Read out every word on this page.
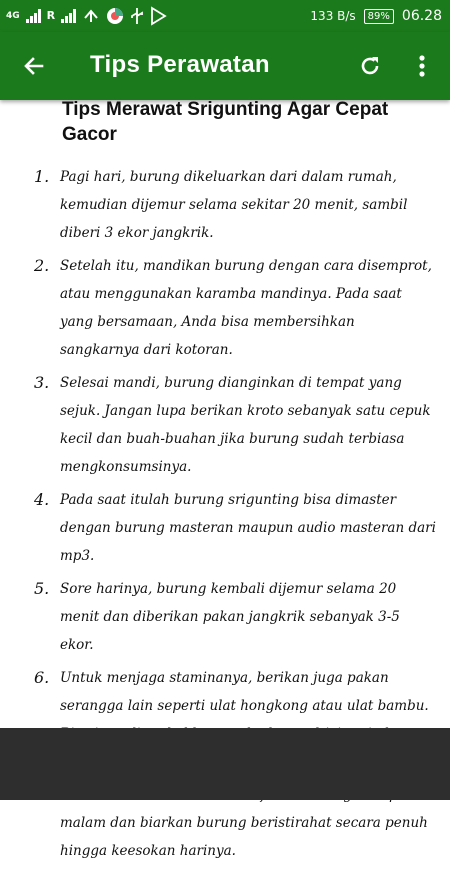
4G R	133 B/s	89% 06.28
Tips Perawatan
Tips Merawat Srigunting Agar Cepat Gacor
1. Pagi hari, burung dikeluarkan dari dalam rumah, kemudian dijemur selama sekitar 20 menit, sambil diberi 3 ekor jangkrik.
2. Setelah itu, mandikan burung dengan cara disemprot, atau menggunakan karamba mandinya. Pada saat yang bersamaan, Anda bisa membersihkan sangkarnya dari kotoran.
3. Selesai mandi, burung dianginkan di tempat yang sejuk. Jangan lupa berikan kroto sebanyak satu cepuk kecil dan buah-buahan jika burung sudah terbiasa mengkonsumsinya.
4. Pada saat itulah burung srigunting bisa dimaster dengan burung masteran maupun audio masteran dari mp3.
5. Sore harinya, burung kembali dijemur selama 20 menit dan diberikan pakan jangkrik sebanyak 3-5 ekor.
6. Untuk menjaga staminanya, berikan juga pakan serangga lain seperti ulat hongkong atau ulat bambu.
malam dan biarkan burung beristirahat secara penuh hingga keesokan harinya.
